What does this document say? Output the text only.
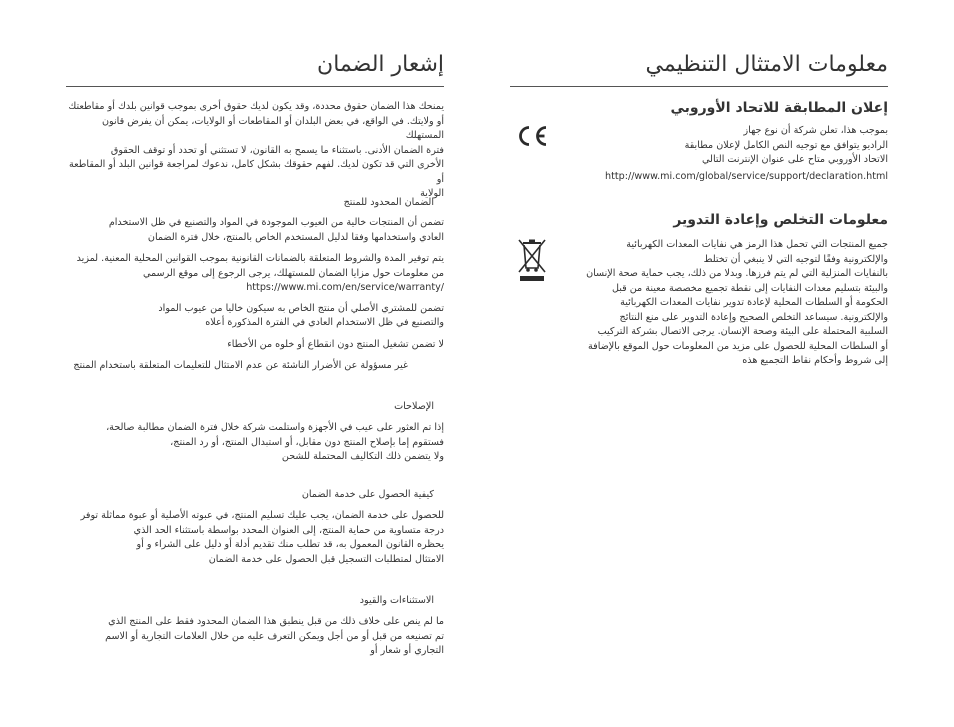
معلومات الامتثال التنظيمي
إعلان المطابقة للاتحاد الأوروبي
بموجب هذا، تعلن شركة أن نوع جهاز
الراديو يتوافق مع توجيه النص الكامل لإعلان مطابقة
الاتحاد الأوروبي متاح على عنوان الإنترنت التالي
http://www.mi.com/global/service/support/declaration.html
معلومات التخلص وإعادة التدوير
جميع المنتجات التي تحمل هذا الرمز هي نفايات المعدات الكهربائية
والإلكترونية وفقًا لتوجيه التي لا ينبغي أن تختلط
بالنفايات المنزلية التي لم يتم فرزها. وبدلا من ذلك، يجب حماية صحة الإنسان
والبيئة بتسليم معدات النفايات إلى نقطة تجميع مخصصة معينة من قبل
الحكومة أو السلطات المحلية لإعادة تدوير نفايات المعدات الكهربائية
والإلكترونية. سيساعد التخلص الصحيح وإعادة التدوير على منع النتائج
السلبية المحتملة على البيئة وصحة الإنسان. يرجى الاتصال بشركة التركيب
أو السلطات المحلية للحصول على مزيد من المعلومات حول الموقع بالإضافة
إلى شروط وأحكام نقاط التجميع هذه
إشعار الضمان
يمنحك هذا الضمان حقوق محددة، وقد يكون لديك حقوق أخرى بموجب قوانين بلدك أو مقاطعتك
أو ولايتك. في الواقع، في بعض البلدان أو المقاطعات أو الولايات، يمكن أن يفرض قانون المستهلك
فترة الضمان الأدنى. باستثناء ما يسمح به القانون، لا تستثني أو تحدد أو توقف الحقوق
الأخرى التي قد تكون لديك. لفهم حقوقك بشكل كامل، ندعوك لمراجعة قوانين البلد أو المقاطعة أو
الولاية
الضمان المحدود للمنتج
تضمن أن المنتجات خالية من العيوب الموجودة في المواد والتصنيع في ظل الاستخدام
العادي واستخدامها وفقا لدليل المستخدم الخاص بالمنتج، خلال فترة الضمان
يتم توفير المدة والشروط المتعلقة بالضمانات القانونية بموجب القوانين المحلية المعنية. لمزيد
من معلومات حول مزايا الضمان للمستهلك، يرجى الرجوع إلى موقع الرسمي
https://www.mi.com/en/service/warranty/
تضمن للمشتري الأصلي أن منتج الخاص به سيكون خاليا من عيوب المواد
والتصنيع في ظل الاستخدام العادي في الفترة المذكورة أعلاه
لا تضمن تشغيل المنتج دون انقطاع أو خلوه من الأخطاء
غير مسؤولة عن الأضرار الناشئة عن عدم الامتثال للتعليمات المتعلقة باستخدام المنتج
الإصلاحات
إذا تم العثور على عيب في الأجهزة واستلمت شركة خلال فترة الضمان مطالبة صالحة،
فستقوم إما بإصلاح المنتج دون مقابل، أو استبدال المنتج، أو رد المنتج،
ولا يتضمن ذلك التكاليف المحتملة للشحن
كيفية الحصول على خدمة الضمان
للحصول على خدمة الضمان، يجب عليك تسليم المنتج، في عبوته الأصلية أو عبوة مماثلة توفر
درجة متساوية من حماية المنتج، إلى العنوان المحدد بواسطة باستثناء الحد الذي
يحظره القانون المعمول به، قد تطلب منك تقديم أدلة أو دليل على الشراء و أو
الامتثال لمتطلبات التسجيل قبل الحصول على خدمة الضمان
الاستثناءات والقيود
ما لم ينص على خلاف ذلك من قبل ينطبق هذا الضمان المحدود فقط على المنتج الذي
تم تصنيعه من قبل أو من أجل ويمكن التعرف عليه من خلال العلامات التجارية أو الاسم
التجاري أو شعار أو
